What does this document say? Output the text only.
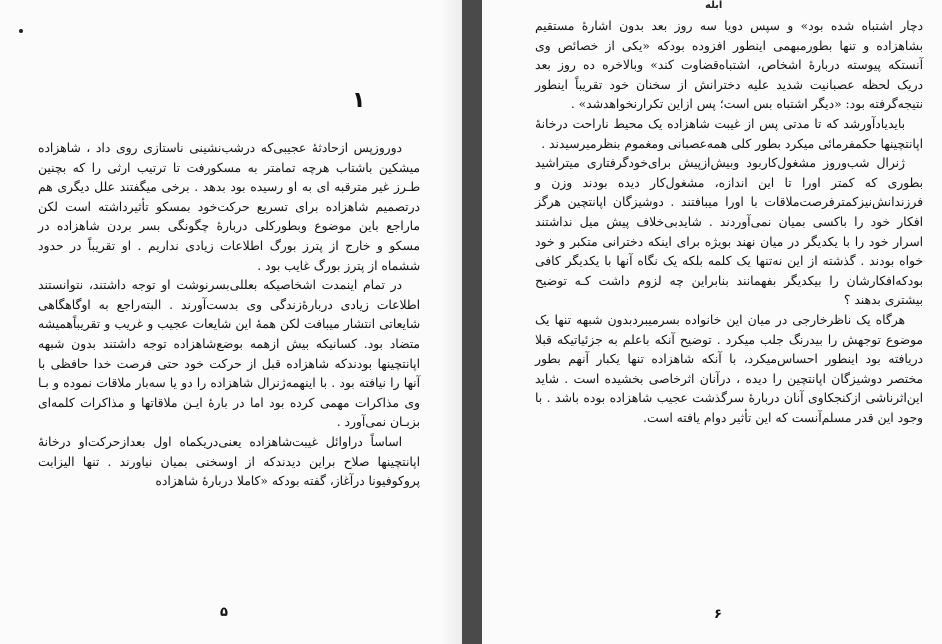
۱

دوروزپس ازحادثهٔ عجیبی‌که درشب‌نشینی ناستازی روی داد ، شاهزاده میشکین باشتاب هرچه تمامتر به مسکورفت تا ترتیب ارثی را که بچنین طـرز غیر مترقبه ای به او رسیده بود بدهد . برخی میگفتند علل دیگری هم درتصمیم شاهزاده برای تسریع حرکت‌خود بمسکو تأثیرداشته است لکن ماراجع باین موضوع وبطورکلی دربارهٔ چگونگی بسر بردن شاهزاده در مسکو و خارج از پترز بورگ اطلاعات زیادی نداریم . او تقریباً در حدود ششماه از پترز بورگ غایب بود .

در تمام اینمدت اشخاصیکه بعللی‌بسرنوشت او توجه داشتند، نتوانستند اطلاعات زیادی دربارهٔ‌زندگی وی بدست‌آورند . البته‌راجع به اوگاهگاهی شایعاتی انتشار میبافت لکن همهٔ این شایعات عجیب و غریب و تقریباً‌همیشه متضاد بود. کسانیکه بیش ازهمه بوضع‌شاهزاده توجه داشتند بدون شبهه اپانتچینها بودند‌که شاهزاده قبل از حرکت خود حتی فرصت خدا حافظی با آنها را نیافته بود . با اینهمه‌ژنرال شاهزاده را دو یا سه‌بار ملاقات نموده و بـا وی مذاکرات مهمی کرده بود اما در بارهٔ ایـن ملاقاتها و مذاکرات کلمه‌ای بزبـان نمی‌آورد .

اساساً دراوائل غیبت‌شاهزاده یعنی‌دریکماه اول بعدازحرکت‌او درخانهٔ اپانتچینها صلاح براین دیدندکه از اوسخنی بمیان نیاورند . تنها الیزابت پروکوفیونا درآغاز، گفته بودکه «کاملا دربارهٔ شاهزاده

۵
ابله

دچار اشتباه شده بود» و سپس دویا سه روز بعد بدون اشارهٔ مستقیم بشاهزاده و تنها بطورمبهمی اینطور افزوده بودکه «یکی از خصائص وی آنستکه پیوسته دربارهٔ اشخاص، اشتباه‌قضاوت کند» وبالاخره ده روز بعد دریک لحظه عصبانیت شدید علیه دختر‌انش از سخنان خود تقریباً اینطور نتیجه‌گرفته بود: «دیگر اشتباه بس است؛ پس ازاین تکرارنخواهدشد» .

بایدیادآورشد که تا مدتی پس از غیبت شاهزاده یک محیط ناراحت درخانهٔ اپانتچینها حکمفرمائی میکرد بطور کلی همه‌عصبانی ومغموم بنظرمیرسیدند .

ژنرال شب‌وروز مشغول‌کاربود وبیش‌ازپیش برای‌خودگرفتاری میتراشید بطوری که کمتر اورا تا این اندازه، مشغول‌کار دیده بودند وزن و فرزندانش‌نیزکمترفرصت‌ملاقات با اورا میبافتند . دوشیزگان اپانتچین هرگز افکار خود را باکسی بمیان نمی‌آوردند . شایدبی‌خلاف پیش میل نداشتند اسرار خود را با یکدیگر در میان نهند بویژه برای اینکه دختر‌انی متکبر و خود خواه بودند . گذشته از این نه‌تنها یک کلمه بلکه یک نگاه آنها با یکدیگر کافی بودکه‌افکارشان را بیکدیگر بفهمانند بنابراین چه لزوم داشت کـه توضیح بیشتری بدهند ؟

هرگاه یک ناظرخارجی در میان این خانواده بسرمیبرد‌بدون شبهه تنها یک موضوع توجهش را بیدرنگ جلب میکرد . توضیح آنکه باعلم به جزئیاتیکه قبلا دریافته بود اینطور احساس‌میکرد، با آنکه شاهزاده تنها یکبار آنهم بطور مختصر دوشیزگان اپانتچین را دیده ، درآنان اثرخاصی بخشیده است . شاید این‌اثرناشی ازکنجکاوی آنان دربارهٔ سرگذشت عجیب شاهزاده بوده باشد . با وجود این قدر مسلم‌آنست که این تأثیر دوام یافته است.

۶
